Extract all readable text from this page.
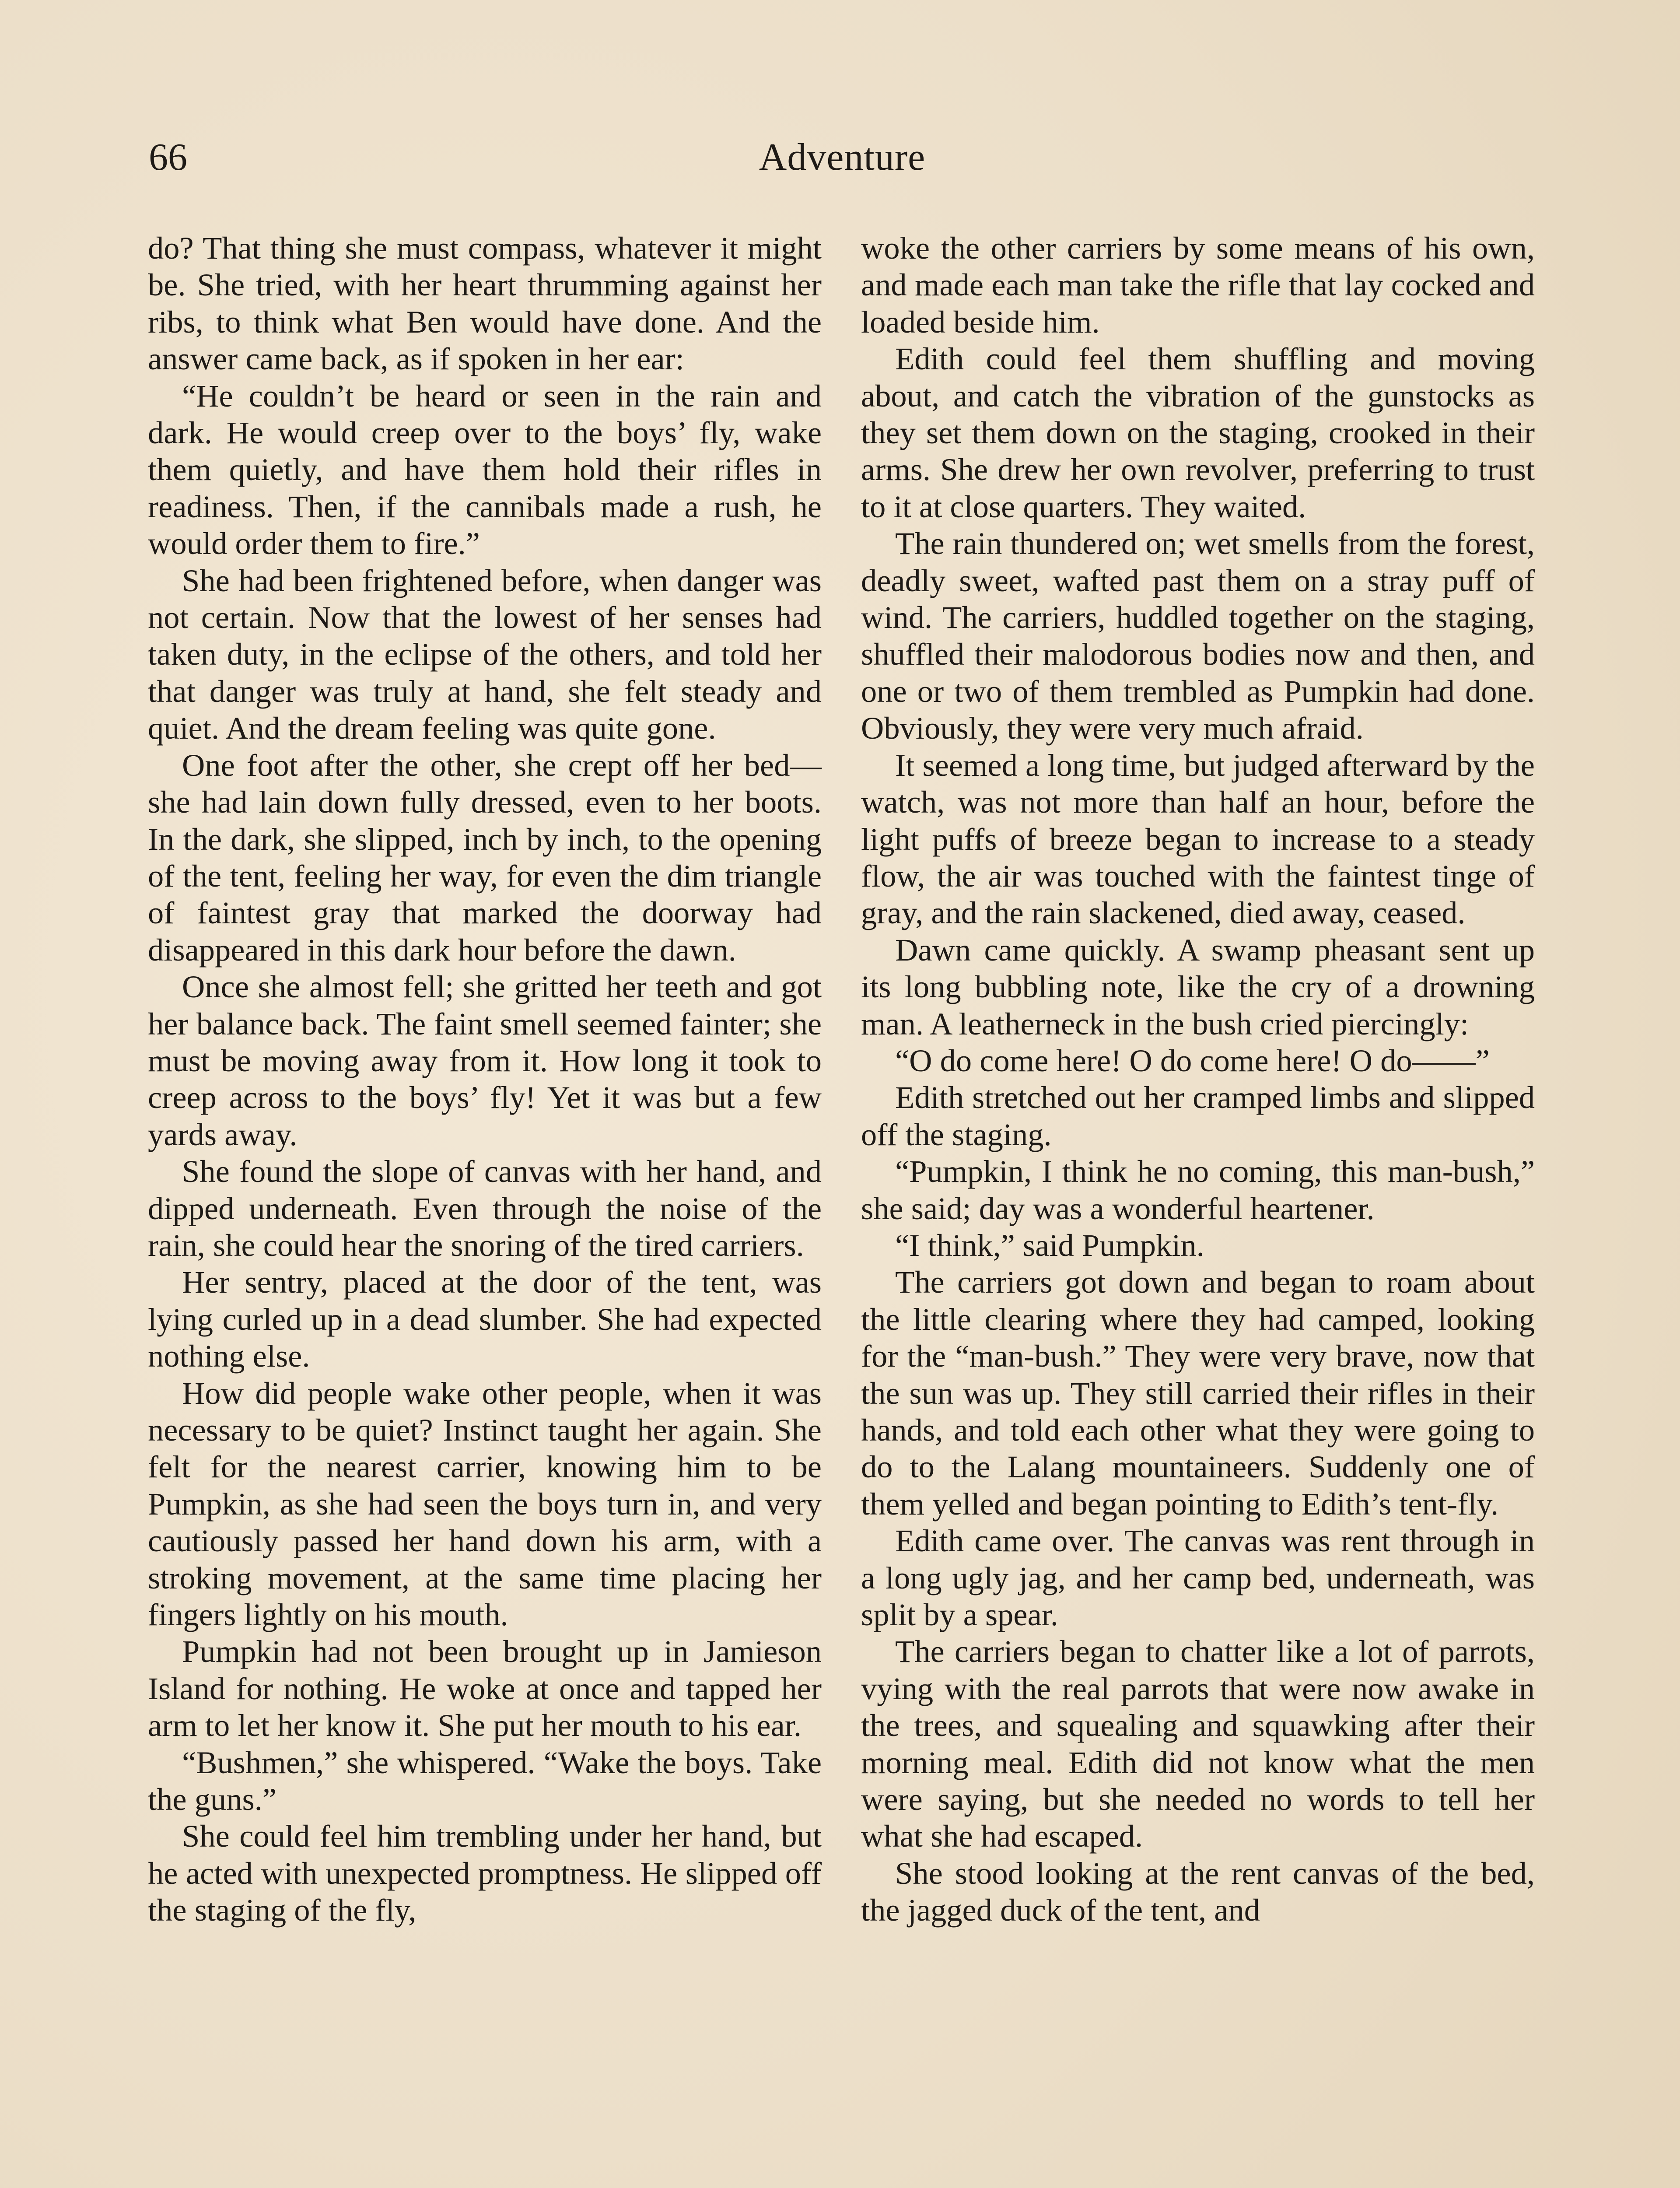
66	Adventure

do? That thing she must compass, whatever it might be. She tried, with her heart thrumming against her ribs, to think what Ben would have done. And the answer came back, as if spoken in her ear:

“He couldn’t be heard or seen in the rain and dark. He would creep over to the boys’ fly, wake them quietly, and have them hold their rifles in readiness. Then, if the cannibals made a rush, he would order them to fire.”

She had been frightened before, when danger was not certain. Now that the lowest of her senses had taken duty, in the eclipse of the others, and told her that danger was truly at hand, she felt steady and quiet. And the dream feeling was quite gone.

One foot after the other, she crept off her bed—she had lain down fully dressed, even to her boots. In the dark, she slipped, inch by inch, to the opening of the tent, feeling her way, for even the dim triangle of faintest gray that marked the doorway had disappeared in this dark hour before the dawn.

Once she almost fell; she gritted her teeth and got her balance back. The faint smell seemed fainter; she must be moving away from it. How long it took to creep across to the boys’ fly! Yet it was but a few yards away.

She found the slope of canvas with her hand, and dipped underneath. Even through the noise of the rain, she could hear the snoring of the tired carriers.

Her sentry, placed at the door of the tent, was lying curled up in a dead slumber. She had expected nothing else.

How did people wake other people, when it was necessary to be quiet? Instinct taught her again. She felt for the nearest carrier, knowing him to be Pumpkin, as she had seen the boys turn in, and very cautiously passed her hand down his arm, with a stroking movement, at the same time placing her fingers lightly on his mouth.

Pumpkin had not been brought up in Jamieson Island for nothing. He woke at once and tapped her arm to let her know it. She put her mouth to his ear.

“Bushmen,” she whispered. “Wake the boys. Take the guns.”

She could feel him trembling under her hand, but he acted with unexpected promptness. He slipped off the staging of the fly,

woke the other carriers by some means of his own, and made each man take the rifle that lay cocked and loaded beside him.

Edith could feel them shuffling and moving about, and catch the vibration of the gunstocks as they set them down on the staging, crooked in their arms. She drew her own revolver, preferring to trust to it at close quarters. They waited.

The rain thundered on; wet smells from the forest, deadly sweet, wafted past them on a stray puff of wind. The carriers, huddled together on the staging, shuffled their malodorous bodies now and then, and one or two of them trembled as Pumpkin had done. Obviously, they were very much afraid.

It seemed a long time, but judged afterward by the watch, was not more than half an hour, before the light puffs of breeze began to increase to a steady flow, the air was touched with the faintest tinge of gray, and the rain slackened, died away, ceased.

Dawn came quickly. A swamp pheasant sent up its long bubbling note, like the cry of a drowning man. A leatherneck in the bush cried piercingly:

“O do come here! O do come here! O do——”

Edith stretched out her cramped limbs and slipped off the staging.

“Pumpkin, I think he no coming, this man-bush,” she said; day was a wonderful heartener.

“I think,” said Pumpkin.

The carriers got down and began to roam about the little clearing where they had camped, looking for the “man-bush.” They were very brave, now that the sun was up. They still carried their rifles in their hands, and told each other what they were going to do to the Lalang mountaineers. Suddenly one of them yelled and began pointing to Edith’s tent-fly.

Edith came over. The canvas was rent through in a long ugly jag, and her camp bed, underneath, was split by a spear.

The carriers began to chatter like a lot of parrots, vying with the real parrots that were now awake in the trees, and squealing and squawking after their morning meal. Edith did not know what the men were saying, but she needed no words to tell her what she had escaped.

She stood looking at the rent canvas of the bed, the jagged duck of the tent, and
